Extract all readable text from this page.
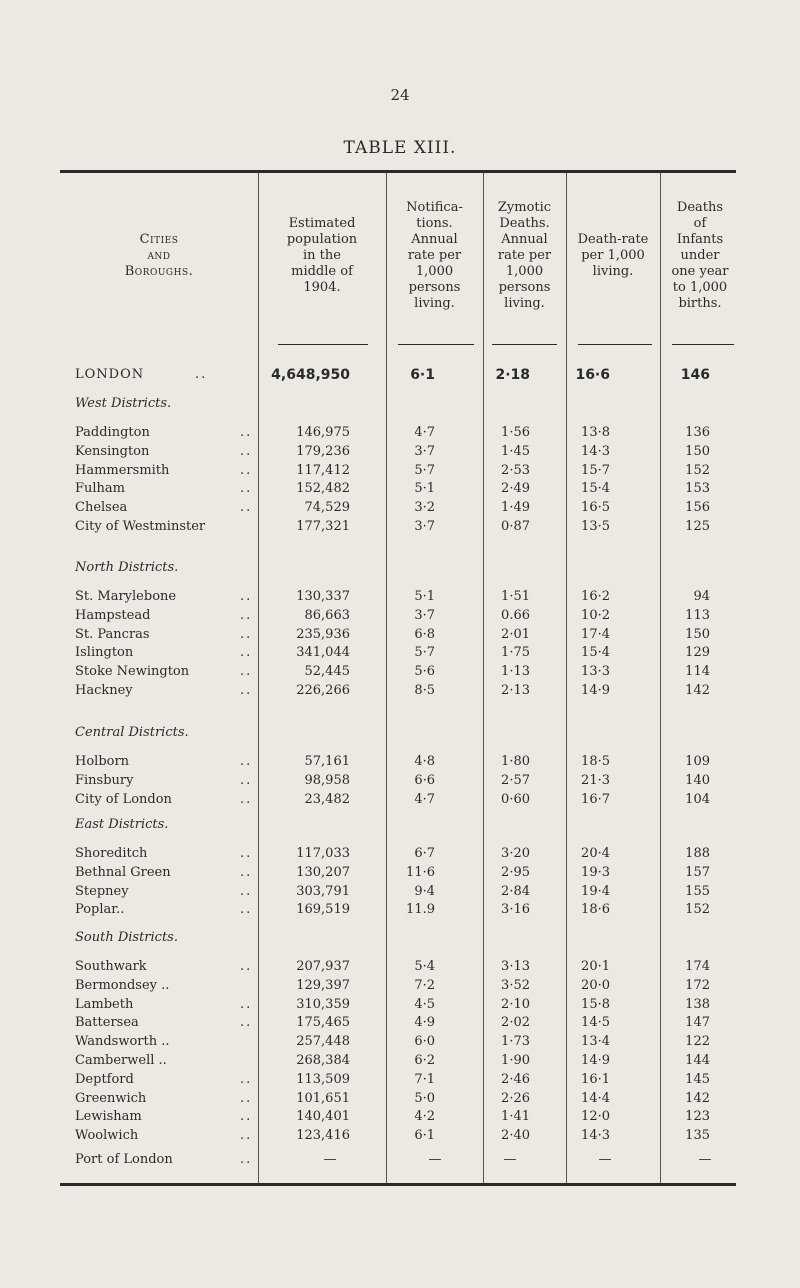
24
TABLE XIII.
Cities
and
Boroughs.
Estimated
population
in the
middle of
1904.
Notifica-
tions.
Annual
rate per
1,000
persons
living.
Zymotic
Deaths.
Annual
rate per
1,000
persons
living.
Death-rate
per 1,000
living.
Deaths
of
Infants
under
one year
to 1,000
births.
LONDON	..	4,648,950	6·1	2·18	16·6	146
West Districts.
Paddington	..	146,975	4·7	1·56	13·8	136
Kensington	..	179,236	3·7	1·45	14·3	150
Hammersmith	..	117,412	5·7	2·53	15·7	152
Fulham	..	152,482	5·1	2·49	15·4	153
Chelsea	..	74,529	3·2	1·49	16·5	156
City of Westminster	177,321	3·7	0·87	13·5	125
North Districts.
St. Marylebone	..	130,337	5·1	1·51	16·2	94
Hampstead	..	86,663	3·7	0.66	10·2	113
St. Pancras	..	235,936	6·8	2·01	17·4	150
Islington	..	341,044	5·7	1·75	15·4	129
Stoke Newington	..	52,445	5·6	1·13	13·3	114
Hackney	..	226,266	8·5	2·13	14·9	142
Central Districts.
Holborn	..	57,161	4·8	1·80	18·5	109
Finsbury	..	98,958	6·6	2·57	21·3	140
City of London	..	23,482	4·7	0·60	16·7	104
East Districts.
Shoreditch	..	117,033	6·7	3·20	20·4	188
Bethnal Green	..	130,207	11·6	2·95	19·3	157
Stepney	..	303,791	9·4	2·84	19·4	155
Poplar..	..	169,519	11.9	3·16	18·6	152
South Districts.
Southwark	..	207,937	5·4	3·13	20·1	174
Bermondsey ..	129,397	7·2	3·52	20·0	172
Lambeth	..	310,359	4·5	2·10	15·8	138
Battersea	..	175,465	4·9	2·02	14·5	147
Wandsworth ..	257,448	6·0	1·73	13·4	122
Camberwell ..	268,384	6·2	1·90	14·9	144
Deptford	..	113,509	7·1	2·46	16·1	145
Greenwich	..	101,651	5·0	2·26	14·4	142
Lewisham	..	140,401	4·2	1·41	12·0	123
Woolwich	..	123,416	6·1	2·40	14·3	135
Port of London	..	—	—	—	—	—
